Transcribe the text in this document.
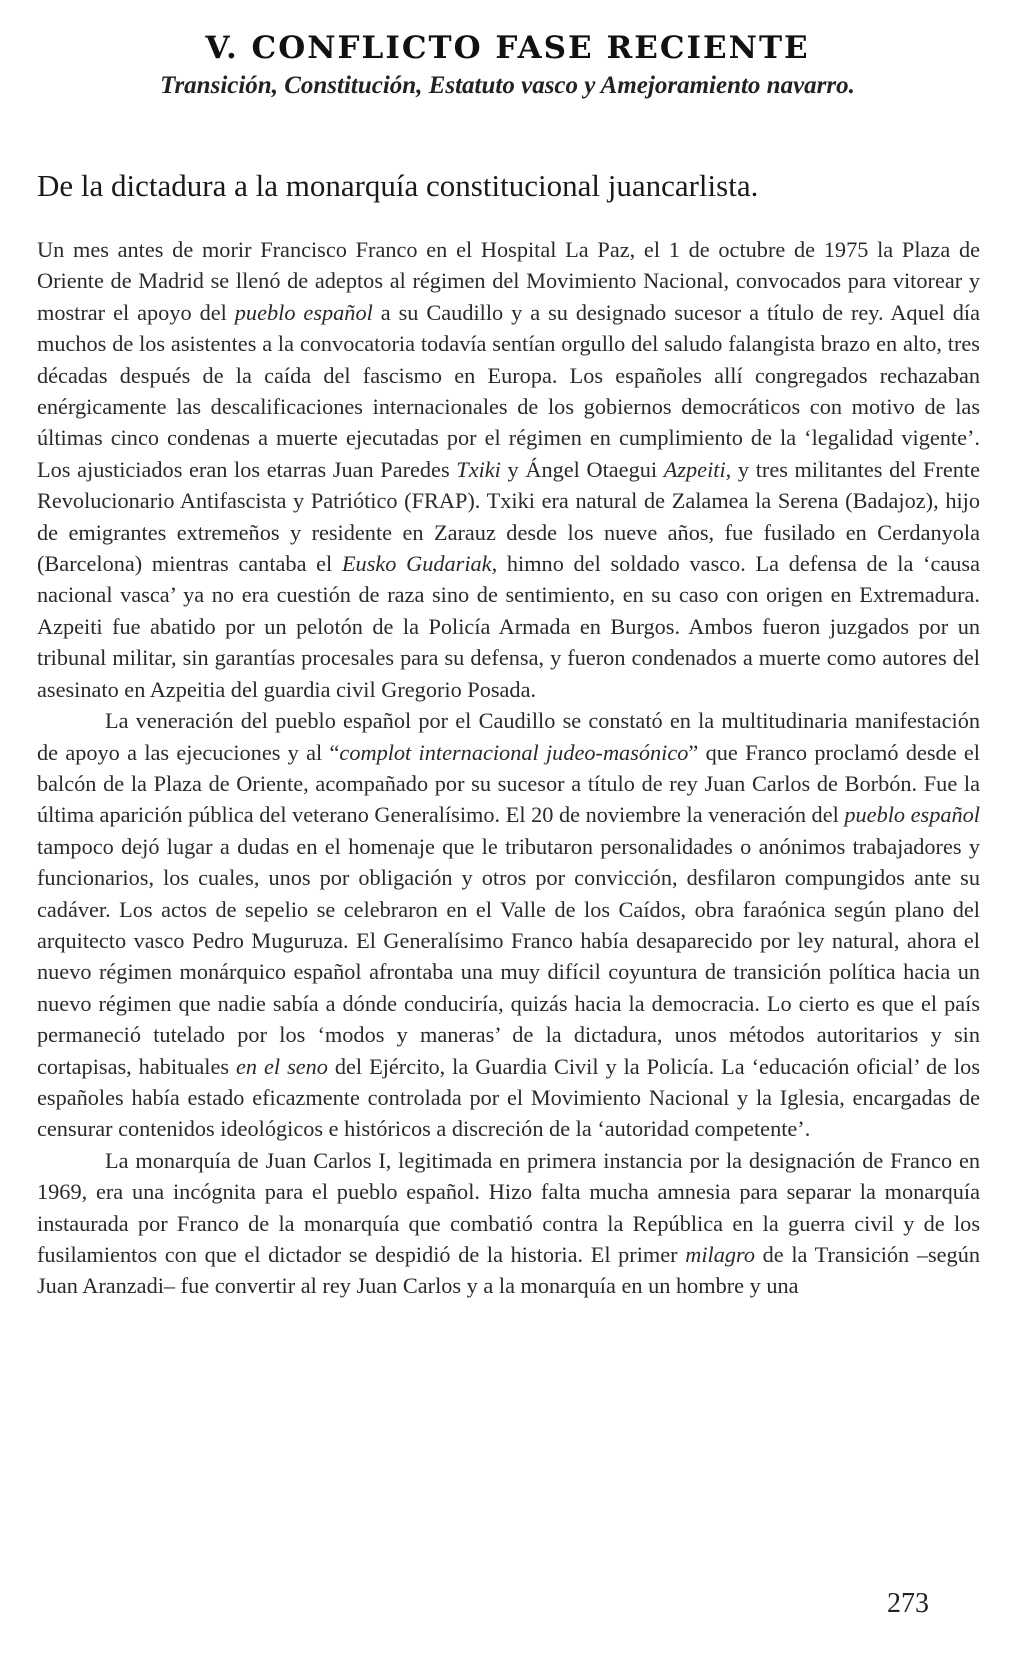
V. CONFLICTO FASE RECIENTE
Transición, Constitución, Estatuto vasco y Amejoramiento navarro.
De la dictadura a la monarquía constitucional juancarlista.

Un mes antes de morir Francisco Franco en el Hospital La Paz, el 1 de octubre de 1975 la Plaza de Oriente de Madrid se llenó de adeptos al régimen del Movimiento Nacional, convocados para vitorear y mostrar el apoyo del pueblo español a su Caudillo y a su designado sucesor a título de rey. Aquel día muchos de los asistentes a la convocatoria todavía sentían orgullo del saludo falangista brazo en alto, tres décadas después de la caída del fascismo en Europa. Los españoles allí congregados rechazaban enérgicamente las descalificaciones internacionales de los gobiernos democráticos con motivo de las últimas cinco condenas a muerte ejecutadas por el régimen en cumplimiento de la ‘legalidad vigente’. Los ajusticiados eran los etarras Juan Paredes Txiki y Ángel Otaegui Azpeiti, y tres militantes del Frente Revolucionario Antifascista y Patriótico (FRAP). Txiki era natural de Zalamea la Serena (Badajoz), hijo de emigrantes extremeños y residente en Zarauz desde los nueve años, fue fusilado en Cerdanyola (Barcelona) mientras cantaba el Eusko Gudariak, himno del soldado vasco. La defensa de la ‘causa nacional vasca’ ya no era cuestión de raza sino de sentimiento, en su caso con origen en Extremadura. Azpeiti fue abatido por un pelotón de la Policía Armada en Burgos. Ambos fueron juzgados por un tribunal militar, sin garantías procesales para su defensa, y fueron condenados a muerte como autores del asesinato en Azpeitia del guardia civil Gregorio Posada.

La veneración del pueblo español por el Caudillo se constató en la multitudinaria manifestación de apoyo a las ejecuciones y al “complot internacional judeo-masónico” que Franco proclamó desde el balcón de la Plaza de Oriente, acompañado por su sucesor a título de rey Juan Carlos de Borbón. Fue la última aparición pública del veterano Generalísimo. El 20 de noviembre la veneración del pueblo español tampoco dejó lugar a dudas en el homenaje que le tributaron personalidades o anónimos trabajadores y funcionarios, los cuales, unos por obligación y otros por convicción, desfilaron compungidos ante su cadáver. Los actos de sepelio se celebraron en el Valle de los Caídos, obra faraónica según plano del arquitecto vasco Pedro Muguruza. El Generalísimo Franco había desaparecido por ley natural, ahora el nuevo régimen monárquico español afrontaba una muy difícil coyuntura de transición política hacia un nuevo régimen que nadie sabía a dónde conduciría, quizás hacia la democracia. Lo cierto es que el país permaneció tutelado por los ‘modos y maneras’ de la dictadura, unos métodos autoritarios y sin cortapisas, habituales en el seno del Ejército, la Guardia Civil y la Policía. La ‘educación oficial’ de los españoles había estado eficazmente controlada por el Movimiento Nacional y la Iglesia, encargadas de censurar contenidos ideológicos e históricos a discreción de la ‘autoridad competente’.

La monarquía de Juan Carlos I, legitimada en primera instancia por la designación de Franco en 1969, era una incógnita para el pueblo español. Hizo falta mucha amnesia para separar la monarquía instaurada por Franco de la monarquía que combatió contra la República en la guerra civil y de los fusilamientos con que el dictador se despidió de la historia. El primer milagro de la Transición –según Juan Aranzadi– fue convertir al rey Juan Carlos y a la monarquía en un hombre y una

273
